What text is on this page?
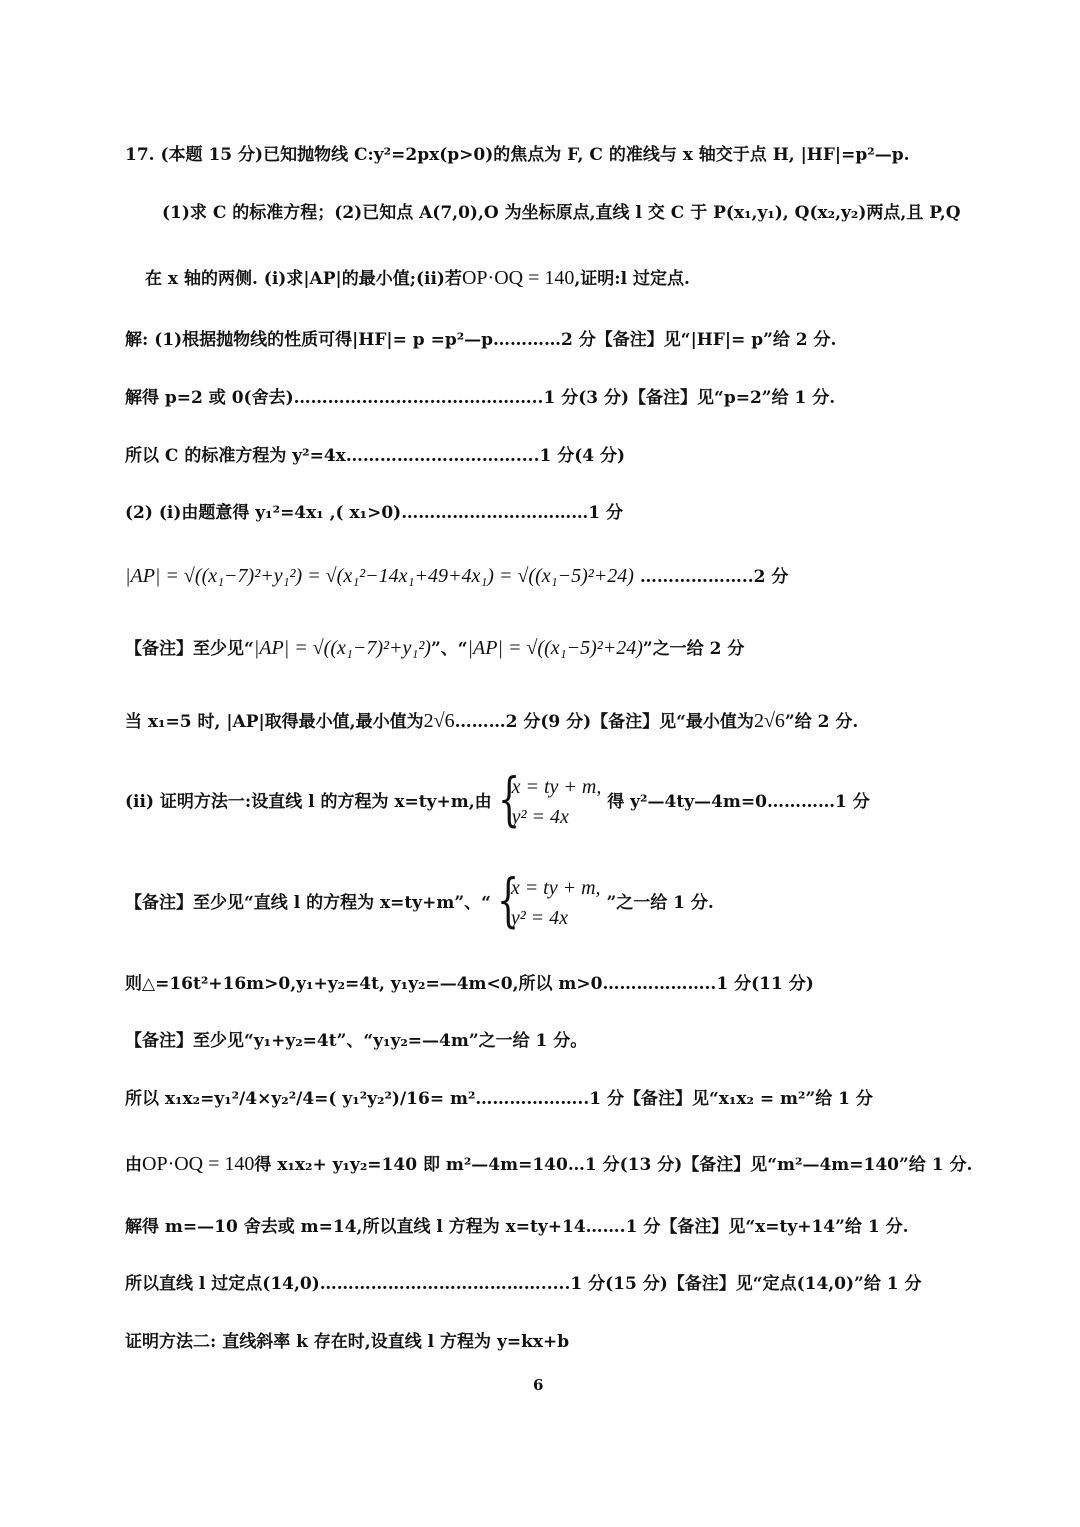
17. (本题 15 分)已知抛物线 C:y²=2px(p>0)的焦点为 F, C 的准线与 x 轴交于点 H, |HF|=p²—p.
(1)求 C 的标准方程；(2)已知点 A(7,0),O 为坐标原点,直线 l 交 C 于 P(x₁,y₁), Q(x₂,y₂)两点,且 P,Q
在 x 轴的两侧. (i)求|AP|的最小值;(ii)若OP·OQ = 140,证明:l 过定点.
解: (1)根据抛物线的性质可得|HF|= p =p²—p…………2 分【备注】见“|HF|= p”给 2 分.
解得 p=2 或 0(舍去)……………………………………..1 分(3 分)【备注】见“p=2”给 1 分.
所以 C 的标准方程为 y²=4x…………………………....1 分(4 分)
(2) (i)由题意得 y₁²=4x₁ ,( x₁>0)……………………………1 分
|AP| = √((x₁−7)²+y₁²) = √(x₁²−14x₁+49+4x₁) = √((x₁−5)²+24) ………………..2 分
【备注】至少见“|AP| = √((x₁−7)²+y₁²)”、“|AP| = √((x₁−5)²+24)”之一给 2 分
当 x₁=5 时, |AP|取得最小值,最小值为2√6………2 分(9 分)【备注】见“最小值为2√6”给 2 分.
(ii) 证明方法一:设直线 l 的方程为 x=ty+m,由 {
x = ty + m,
y² = 4x
得 y²—4ty—4m=0…………1 分
【备注】至少见“直线 l 的方程为 x=ty+m”、“ {
x = ty + m,
y² = 4x
”之一给 1 分.
则△=16t²+16m>0,y₁+y₂=4t, y₁y₂=—4m<0,所以 m>0………………..1 分(11 分)
【备注】至少见“y₁+y₂=4t”、“y₁y₂=—4m”之一给 1 分。
所以 x₁x₂=y₁²/4×y₂²/4=( y₁²y₂²)/16= m²………………..1 分【备注】见“x₁x₂ = m²”给 1 分
由OP·OQ = 140得 x₁x₂+ y₁y₂=140 即 m²—4m=140…1 分(13 分)【备注】见“m²—4m=140”给 1 分.
解得 m=—10 舍去或 m=14,所以直线 l 方程为 x=ty+14…….1 分【备注】见“x=ty+14”给 1 分.
所以直线 l 过定点(14,0)………………………………….....1 分(15 分)【备注】见“定点(14,0)”给 1 分
证明方法二: 直线斜率 k 存在时,设直线 l 方程为 y=kx+b
6
